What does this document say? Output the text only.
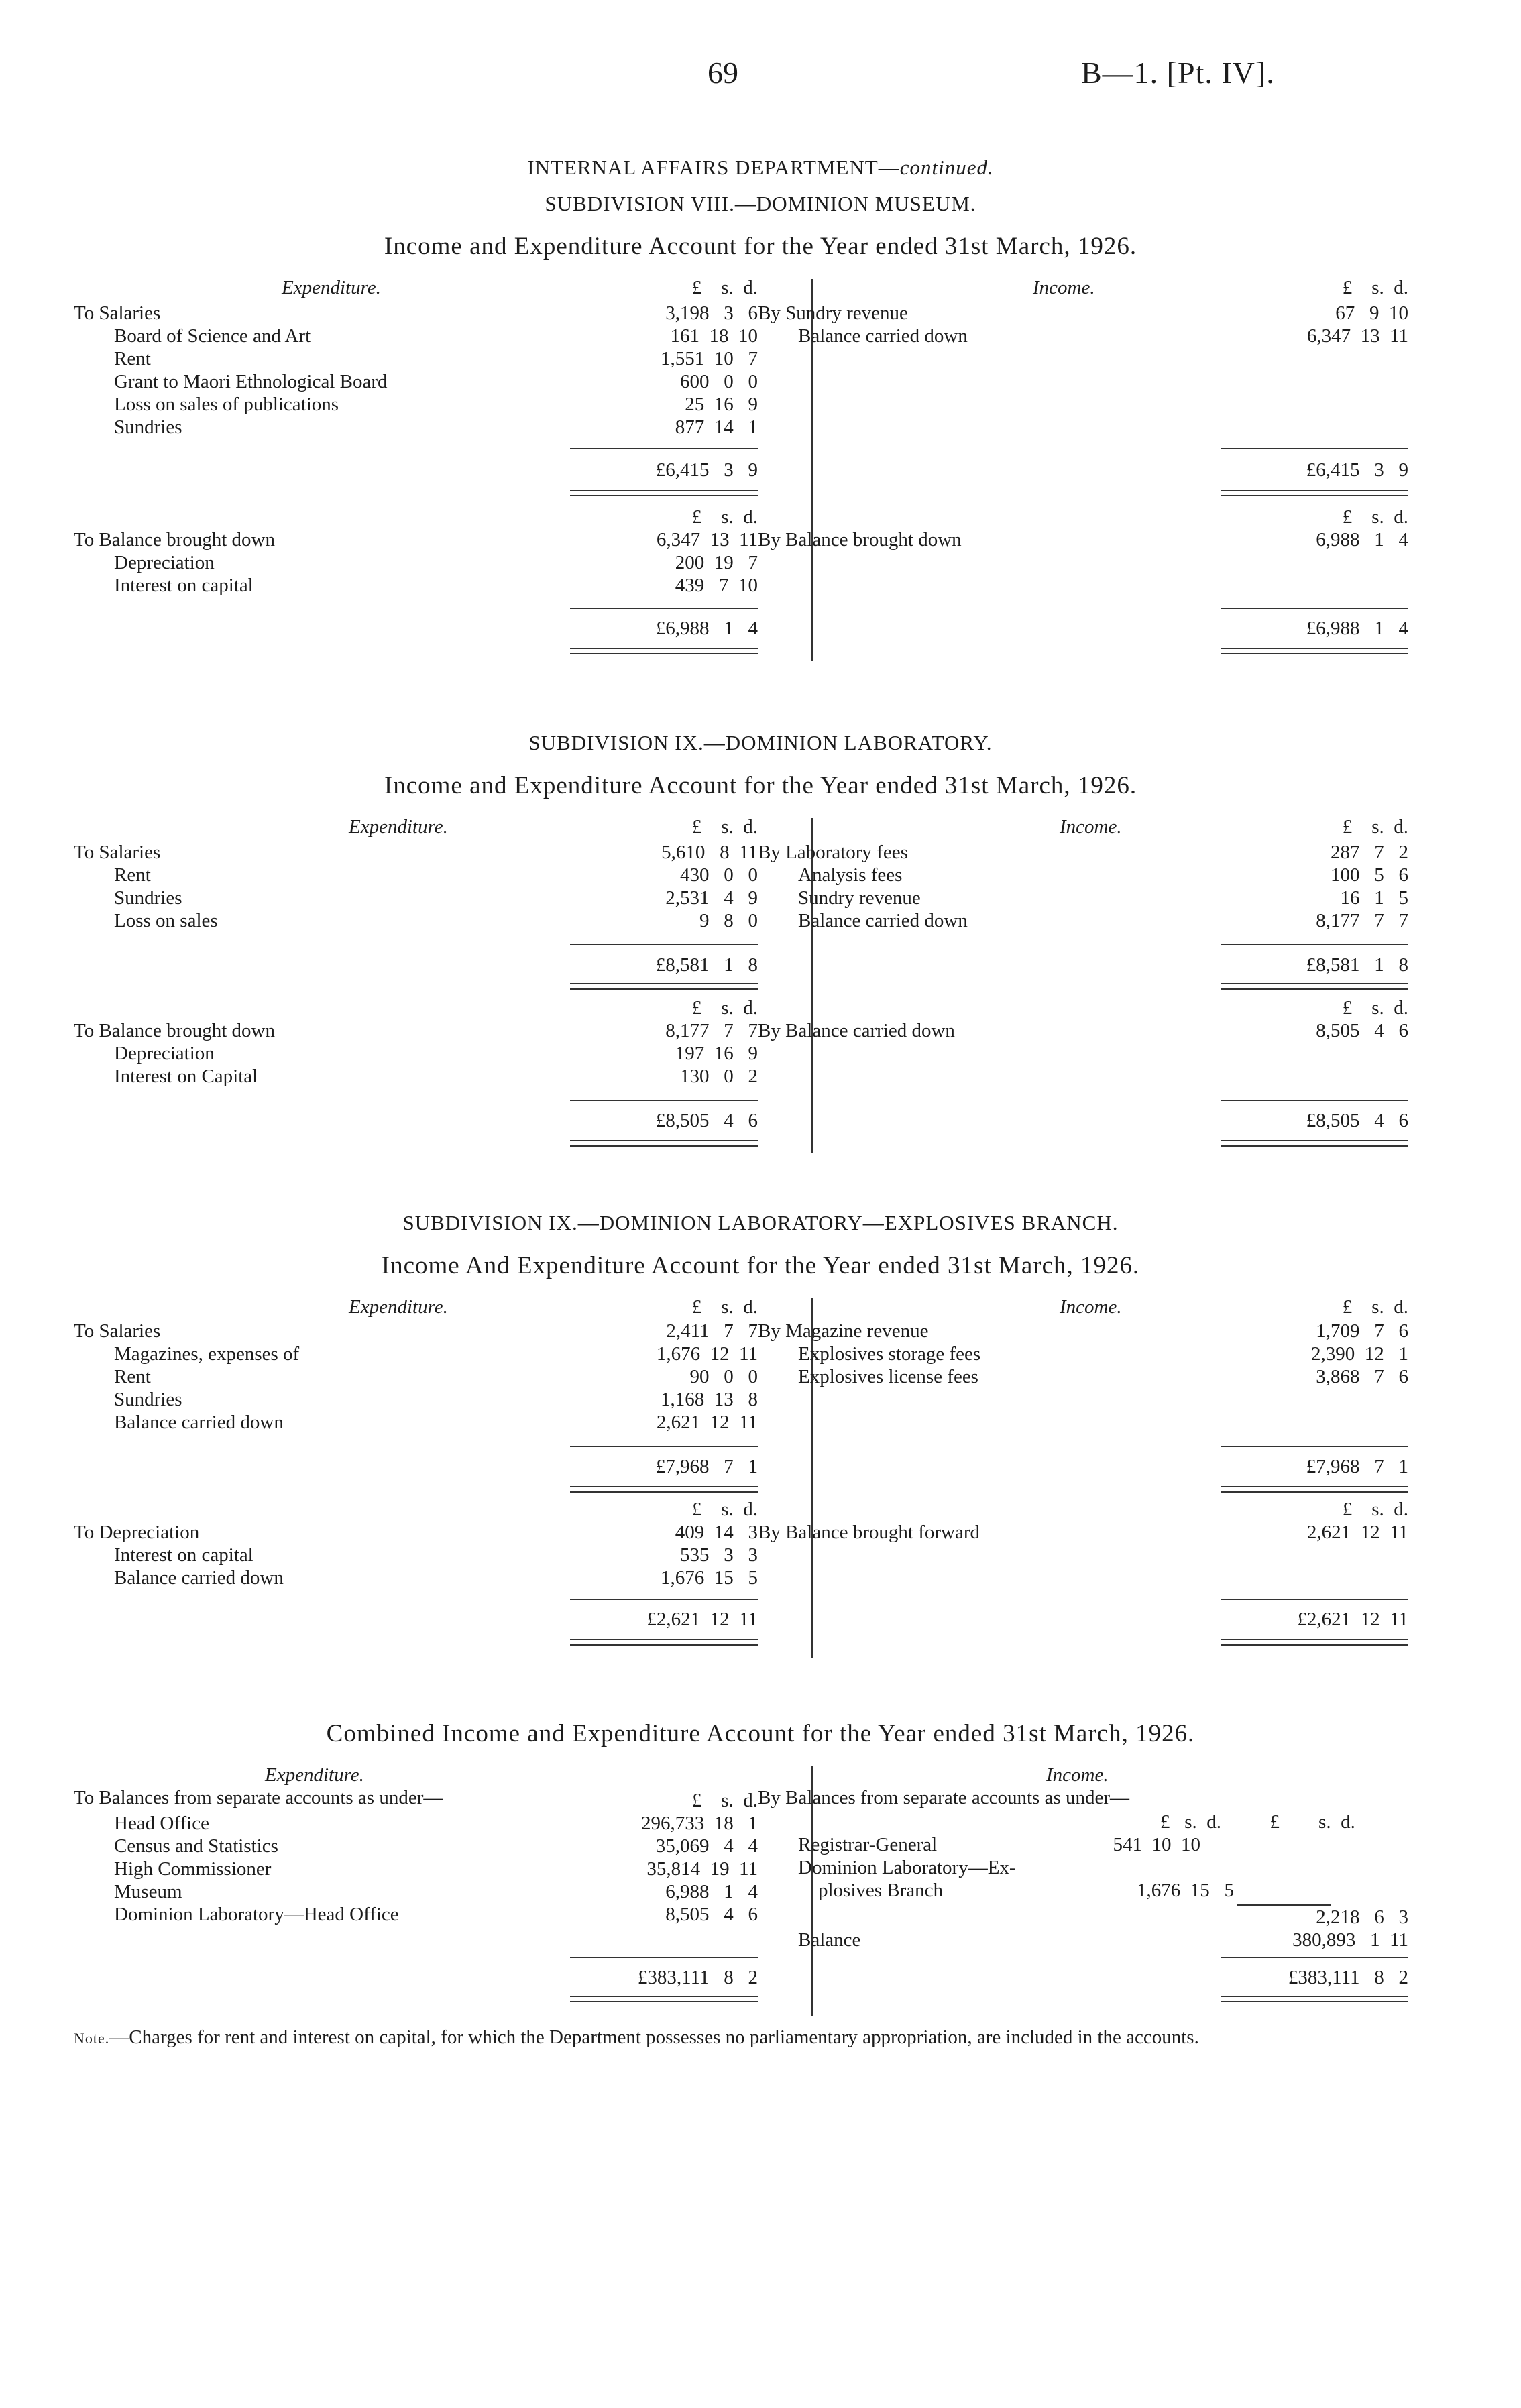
69	B—1. [Pt. IV].
INTERNAL AFFAIRS DEPARTMENT—continued.
SUBDIVISION VIII.—DOMINION MUSEUM.
Income and Expenditure Account for the Year ended 31st March, 1926.
Expenditure.	£    s.  d.	Income.	£    s.  d.
To Salaries	3,198   3   6
Board of Science and Art	161  18  10
Rent	1,551  10   7
Grant to Maori Ethnological Board	600   0   0
Loss on sales of publications	25  16   9
Sundries	877  14   1
By Sundry revenue	67   9  10
Balance carried down	6,347  13  11
£6,415   3   9	£6,415   3   9
£    s.  d.	£    s.  d.
To Balance brought down	6,347  13  11
Depreciation	200  19   7
Interest on capital	439   7  10
By Balance brought down	6,988   1   4
£6,988   1   4	£6,988   1   4
SUBDIVISION IX.—DOMINION LABORATORY.
Income and Expenditure Account for the Year ended 31st March, 1926.
Expenditure.	£    s.  d.	Income.	£    s.  d.
To Salaries	5,610   8  11
Rent	430   0   0
Sundries	2,531   4   9
Loss on sales	9   8   0
By Laboratory fees	287   7   2
Analysis fees	100   5   6
Sundry revenue	16   1   5
Balance carried down	8,177   7   7
£8,581   1   8	£8,581   1   8
£    s.  d.	£    s.  d.
To Balance brought down	8,177   7   7
Depreciation	197  16   9
Interest on Capital	130   0   2
By Balance carried down	8,505   4   6
£8,505   4   6	£8,505   4   6
SUBDIVISION IX.—DOMINION LABORATORY—EXPLOSIVES BRANCH.
Income And Expenditure Account for the Year ended 31st March, 1926.
Expenditure.	£    s.  d.	Income.	£    s.  d.
To Salaries	2,411   7   7
Magazines, expenses of	1,676  12  11
Rent	90   0   0
Sundries	1,168  13   8
Balance carried down	2,621  12  11
By Magazine revenue	1,709   7   6
Explosives storage fees	2,390  12   1
Explosives license fees	3,868   7   6
£7,968   7   1	£7,968   7   1
£    s.  d.	£    s.  d.
To Depreciation	409  14   3
Interest on capital	535   3   3
Balance carried down	1,676  15   5
By Balance brought forward	2,621  12  11
£2,621  12  11	£2,621  12  11
Combined Income and Expenditure Account for the Year ended 31st March, 1926.
Expenditure.	Income.
To Balances from separate accounts as under—	£    s.  d. By Balances from separate accounts as under—
Head Office	296,733  18   1
Census and Statistics	35,069   4   4
High Commissioner	35,814  19  11
Museum	6,988   1   4
Dominion Laboratory—Head Office	8,505   4   6
£   s.  d.          £        s.  d.
Registrar-General	541  10  10
Dominion Laboratory—Ex-
plosives Branch	1,676  15   5
2,218   6   3
Balance	380,893   1  11
£383,111   8   2	£383,111   8   2
Note.—Charges for rent and interest on capital, for which the Department possesses no parliamentary appropriation, are included in the accounts.
